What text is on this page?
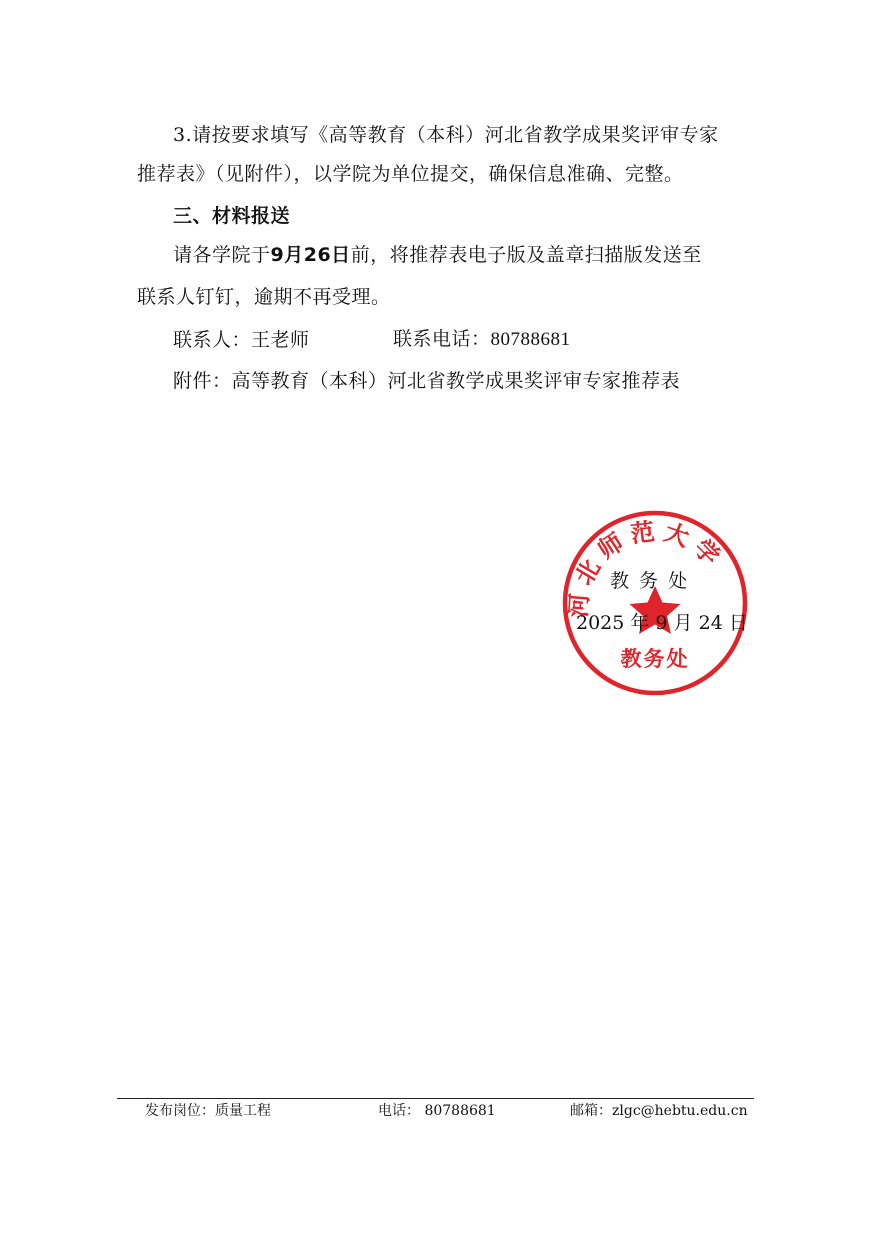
3.请按要求填写《高等教育（本科）河北省教学成果奖评审专家
推荐表》（见附件），以学院为单位提交，确保信息准确、完整。
三、材料报送
请各学院于9月26日前，将推荐表电子版及盖章扫描版发送至
联系人钉钉，逾期不再受理。
联系人：王老师	联系电话：80788681
附件：高等教育（本科）河北省教学成果奖评审专家推荐表
河北师范大学
教务处
教 务 处
2025 年 9 月 24 日
发布岗位：质量工程	电话： 80788681	邮箱：zlgc@hebtu.edu.cn
